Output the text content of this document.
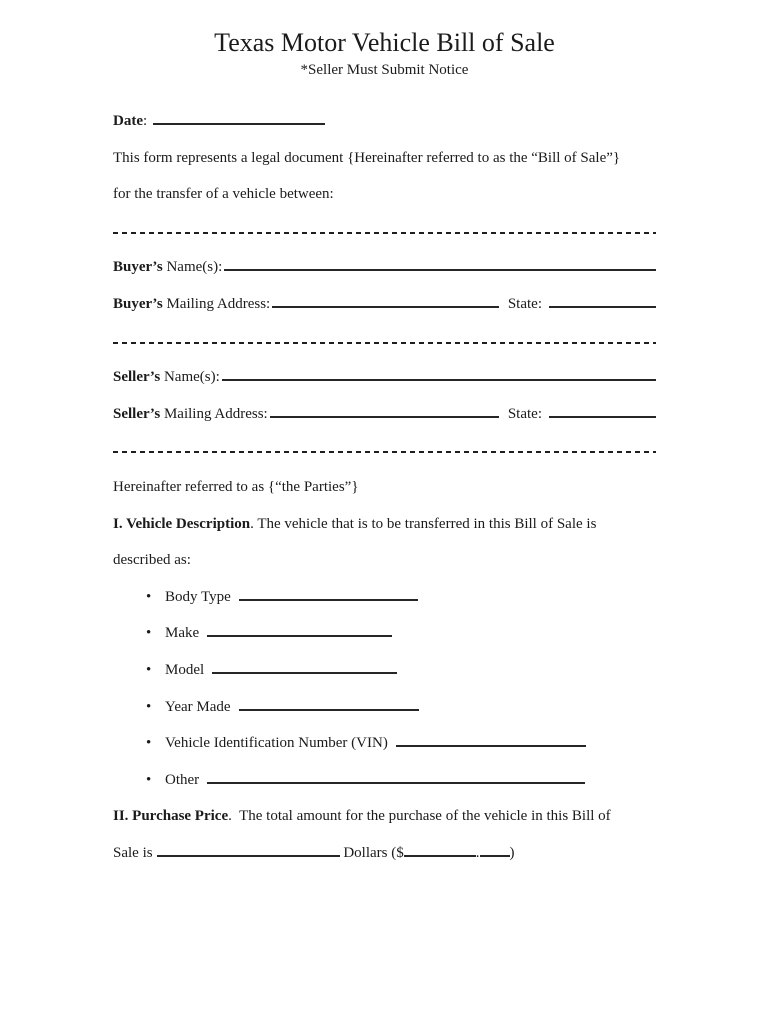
Texas Motor Vehicle Bill of Sale
*Seller Must Submit Notice
Date :
This form represents a legal document {Hereinafter referred to as the “Bill of Sale”}
for the transfer of a vehicle between:
Buyer’s Name(s):
Buyer’s Mailing Address:	State:
Seller’s Name(s):
Seller’s Mailing Address:	State:
Hereinafter referred to as {“the Parties”}
I. Vehicle Description . The vehicle that is to be transferred in this Bill of Sale is
described as:
• Body Type
• Make
• Model
• Year Made
• Vehicle Identification Number (VIN)
• Other
II. Purchase Price .  The total amount for the purchase of the vehicle in this Bill of
Sale is	Dollars ($	. )
